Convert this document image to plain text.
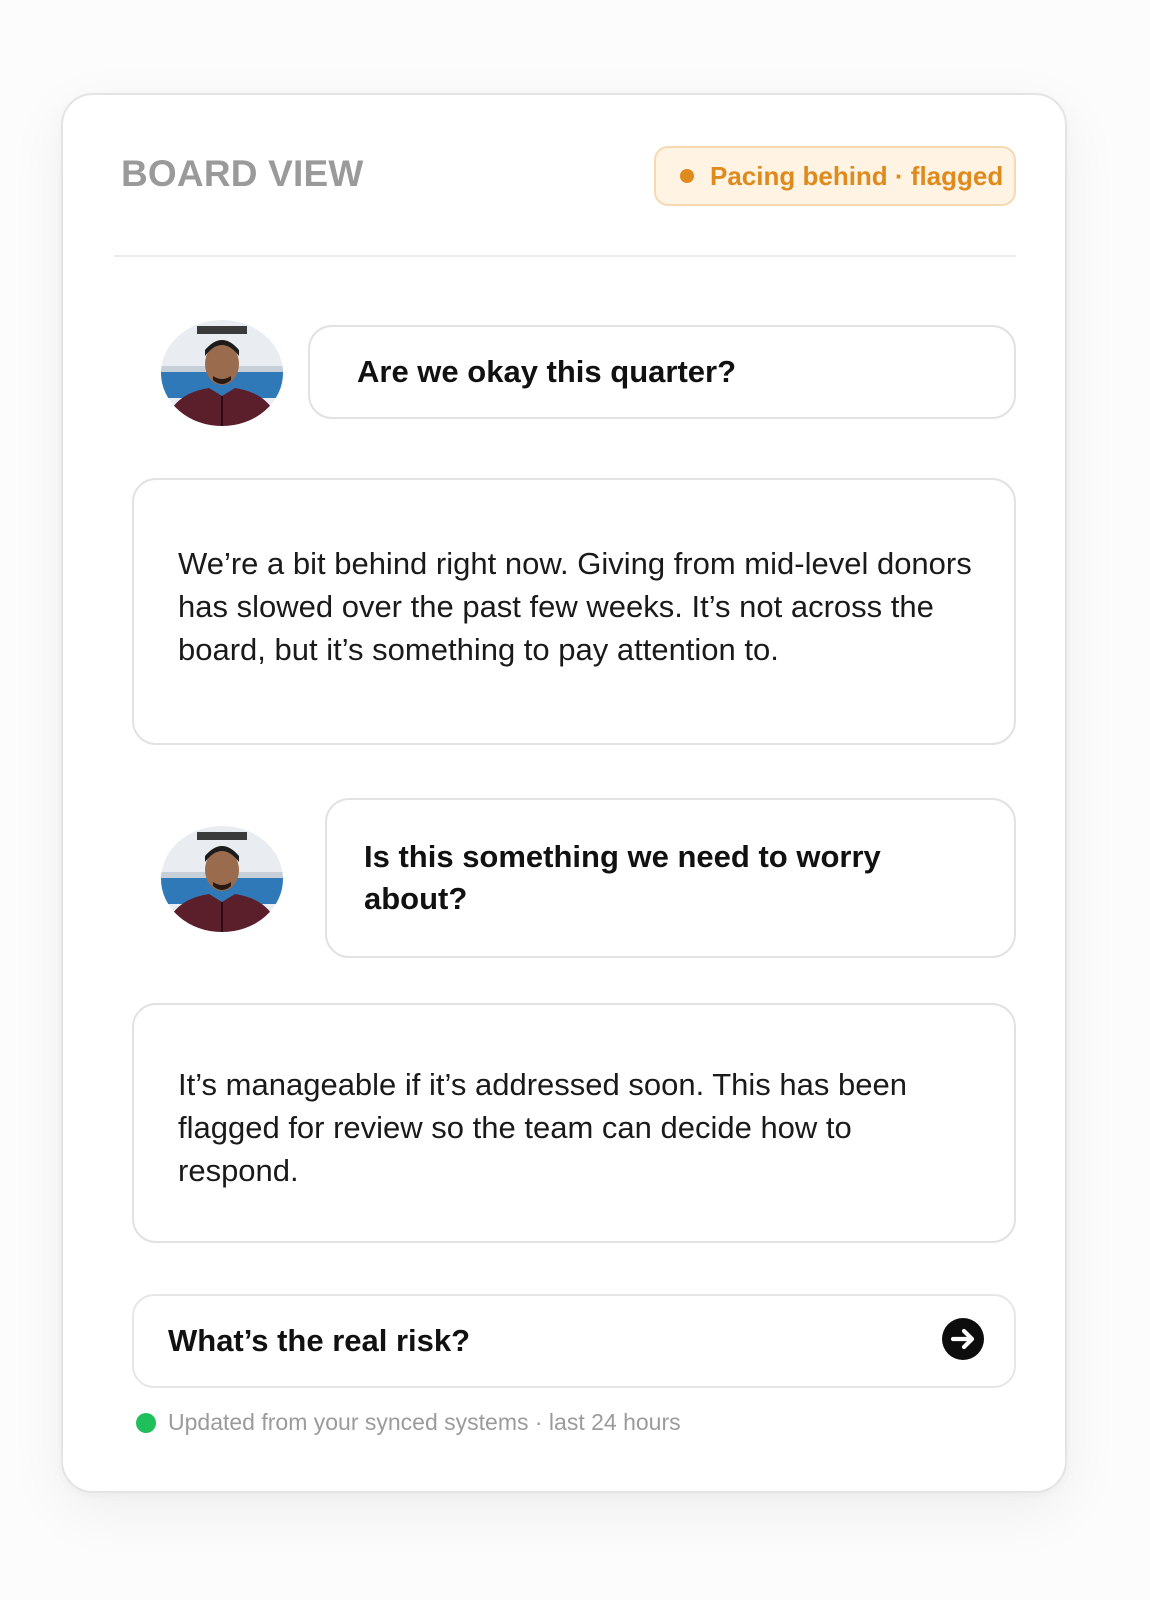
BOARD VIEW	Pacing behind · flagged
Are we okay this quarter?
We’re a bit behind right now. Giving from mid-level donors has slowed over the past few weeks. It’s not across the board, but it’s something to pay attention to.
Is this something we need to worry about?
It’s manageable if it’s addressed soon. This has been flagged for review so the team can decide how to respond.
What’s the real risk?
Updated from your synced systems · last 24 hours
